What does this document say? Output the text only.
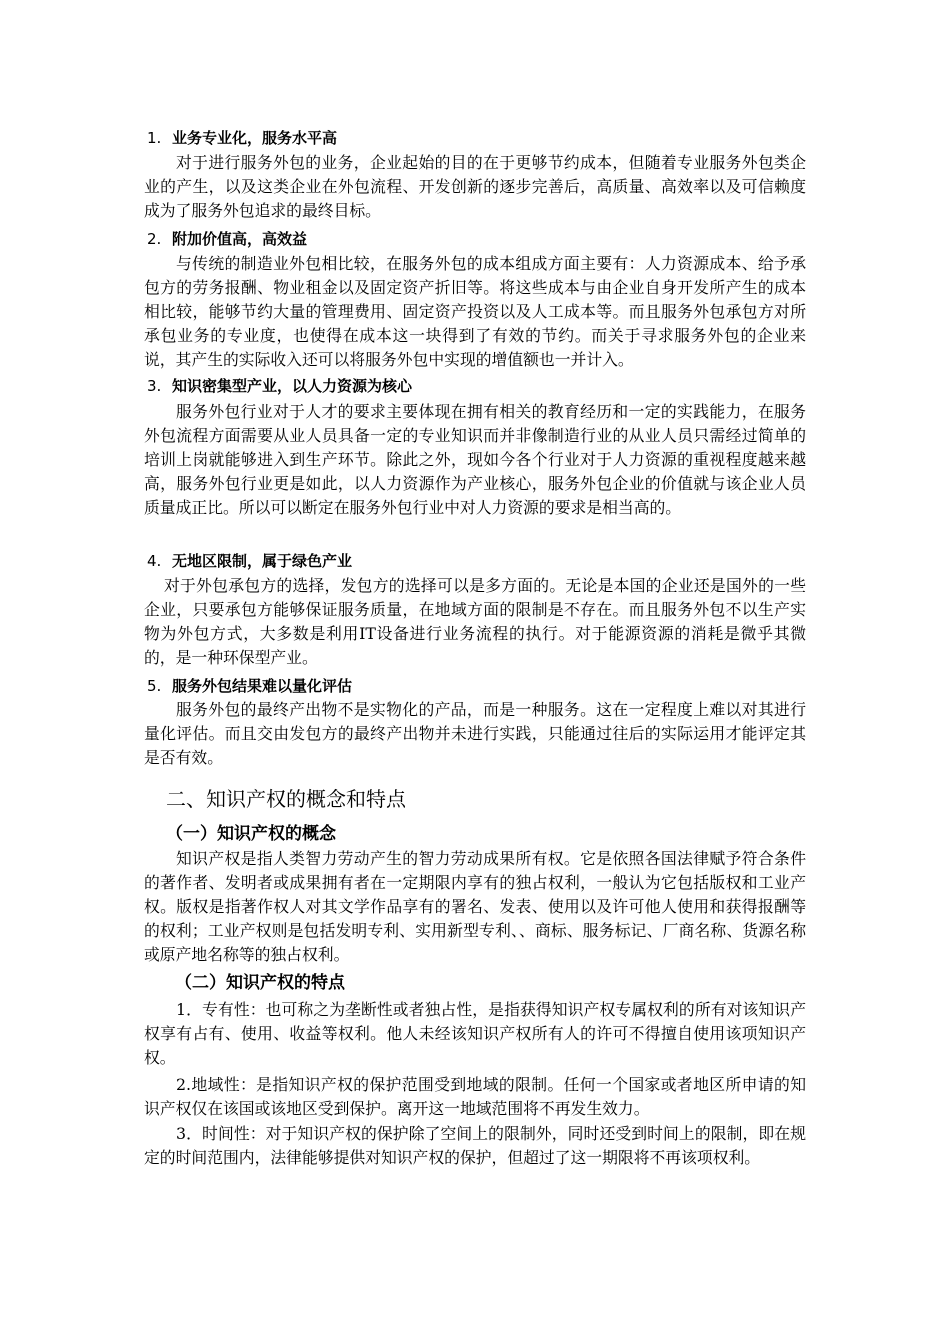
1. 业务专业化，服务水平高

对于进行服务外包的业务，企业起始的目的在于更够节约成本，但随着专业服务外包类企业的产生，以及这类企业在外包流程、开发创新的逐步完善后，高质量、高效率以及可信赖度成为了服务外包追求的最终目标。

2. 附加价值高，高效益

与传统的制造业外包相比较，在服务外包的成本组成方面主要有：人力资源成本、给予承包方的劳务报酬、物业租金以及固定资产折旧等。将这些成本与由企业自身开发所产生的成本相比较，能够节约大量的管理费用、固定资产投资以及人工成本等。而且服务外包承包方对所承包业务的专业度，也使得在成本这一块得到了有效的节约。而关于寻求服务外包的企业来说，其产生的实际收入还可以将服务外包中实现的增值额也一并计入。

3. 知识密集型产业，以人力资源为核心

服务外包行业对于人才的要求主要体现在拥有相关的教育经历和一定的实践能力，在服务外包流程方面需要从业人员具备一定的专业知识而并非像制造行业的从业人员只需经过简单的培训上岗就能够进入到生产环节。除此之外，现如今各个行业对于人力资源的重视程度越来越高，服务外包行业更是如此，以人力资源作为产业核心，服务外包企业的价值就与该企业人员质量成正比。所以可以断定在服务外包行业中对人力资源的要求是相当高的。

4. 无地区限制，属于绿色产业

对于外包承包方的选择，发包方的选择可以是多方面的。无论是本国的企业还是国外的一些企业，只要承包方能够保证服务质量，在地域方面的限制是不存在。而且服务外包不以生产实物为外包方式，大多数是利用IT设备进行业务流程的执行。对于能源资源的消耗是微乎其微的，是一种环保型产业。

5. 服务外包结果难以量化评估

服务外包的最终产出物不是实物化的产品，而是一种服务。这在一定程度上难以对其进行量化评估。而且交由发包方的最终产出物并未进行实践，只能通过往后的实际运用才能评定其是否有效。

二、知识产权的概念和特点
（一）知识产权的概念

知识产权是指人类智力劳动产生的智力劳动成果所有权。它是依照各国法律赋予符合条件的著作者、发明者或成果拥有者在一定期限内享有的独占权利，一般认为它包括版权和工业产权。版权是指著作权人对其文学作品享有的署名、发表、使用以及许可他人使用和获得报酬等的权利；工业产权则是包括发明专利、实用新型专利、、商标、服务标记、厂商名称、货源名称或原产地名称等的独占权利。

（二）知识产权的特点

1．专有性：也可称之为垄断性或者独占性，是指获得知识产权专属权利的所有对该知识产权享有占有、使用、收益等权利。他人未经该知识产权所有人的许可不得擅自使用该项知识产权。

2.地域性：是指知识产权的保护范围受到地域的限制。任何一个国家或者地区所申请的知识产权仅在该国或该地区受到保护。离开这一地域范围将不再发生效力。

3．时间性：对于知识产权的保护除了空间上的限制外，同时还受到时间上的限制，即在规定的时间范围内，法律能够提供对知识产权的保护，但超过了这一期限将不再该项权利。
